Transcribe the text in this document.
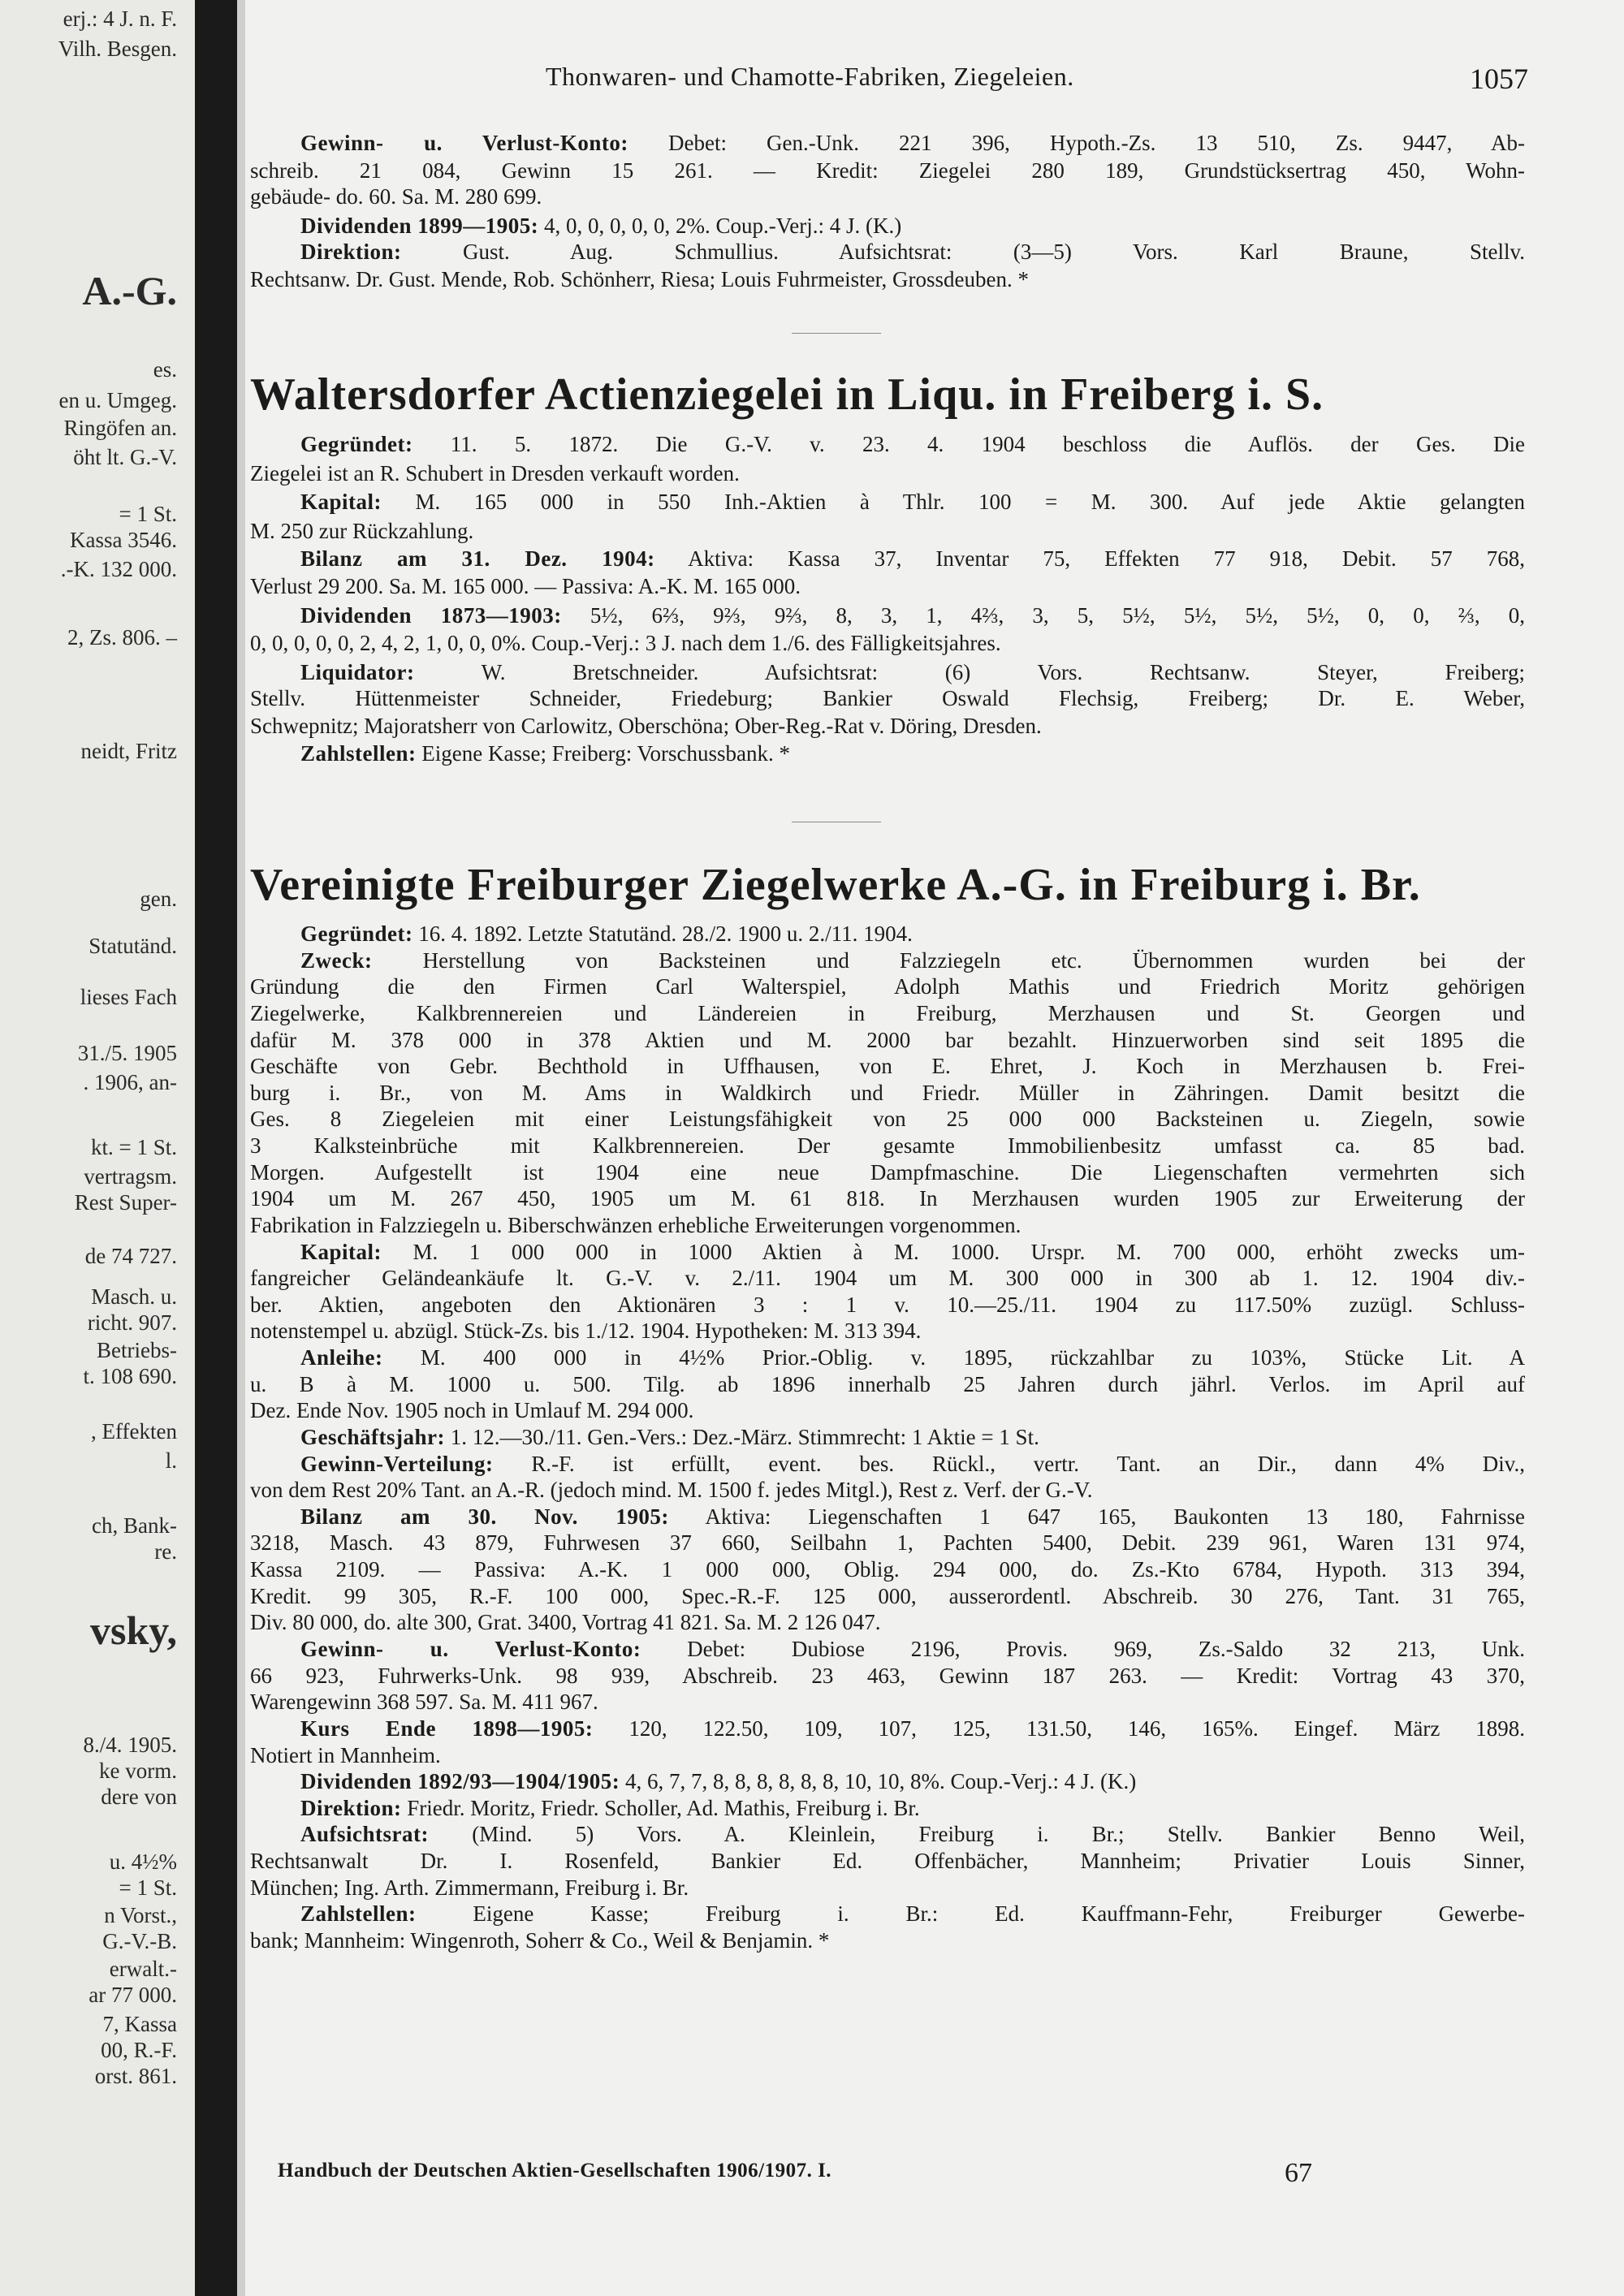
erj.: 4 J. n. F.
Vilh. Besgen.
A.-G.
es.
en u. Umgeg.
Ringöfen an.
öht lt. G.-V.
= 1 St.
Kassa 3546.
.-K. 132 000.
2, Zs. 806. –
neidt, Fritz
gen.
Statutänd.
lieses Fach
31./5. 1905
. 1906, an-
kt. = 1 St.
vertragsm.
Rest Super-
de 74 727.
Masch. u.
richt. 907.
Betriebs-
t. 108 690.
, Effekten
l.
ch, Bank-
re.
vsky,
8./4. 1905.
ke vorm.
dere von
u. 4½%
= 1 St.
n Vorst.,
G.-V.-B.
erwalt.-
ar 77 000.
7, Kassa
00, R.-F.
orst. 861.
Thonwaren- und Chamotte-Fabriken, Ziegeleien.	1057
Gewinn- u. Verlust-Konto: Debet: Gen.-Unk. 221 396, Hypoth.-Zs. 13 510, Zs. 9447, Ab-
schreib. 21 084, Gewinn 15 261. — Kredit: Ziegelei 280 189, Grundstücksertrag 450, Wohn-
gebäude- do. 60. Sa. M. 280 699.
Dividenden 1899—1905: 4, 0, 0, 0, 0, 0, 2%. Coup.-Verj.: 4 J. (K.)
Direktion: Gust. Aug. Schmullius. Aufsichtsrat: (3—5) Vors. Karl Braune, Stellv.
Rechtsanw. Dr. Gust. Mende, Rob. Schönherr, Riesa; Louis Fuhrmeister, Grossdeuben. *
Waltersdorfer Actienziegelei in Liqu. in Freiberg i. S.
Gegründet: 11. 5. 1872. Die G.-V. v. 23. 4. 1904 beschloss die Auflös. der Ges. Die
Ziegelei ist an R. Schubert in Dresden verkauft worden.
Kapital: M. 165 000 in 550 Inh.-Aktien à Thlr. 100 = M. 300. Auf jede Aktie gelangten
M. 250 zur Rückzahlung.
Bilanz am 31. Dez. 1904: Aktiva: Kassa 37, Inventar 75, Effekten 77 918, Debit. 57 768,
Verlust 29 200. Sa. M. 165 000. — Passiva: A.-K. M. 165 000.
Dividenden 1873—1903: 5½, 6⅔, 9⅔, 9⅔, 8, 3, 1, 4⅔, 3, 5, 5½, 5½, 5½, 5½, 0, 0, ⅔, 0,
0, 0, 0, 0, 0, 2, 4, 2, 1, 0, 0, 0%. Coup.-Verj.: 3 J. nach dem 1./6. des Fälligkeitsjahres.
Liquidator: W. Bretschneider. Aufsichtsrat: (6) Vors. Rechtsanw. Steyer, Freiberg;
Stellv. Hüttenmeister Schneider, Friedeburg; Bankier Oswald Flechsig, Freiberg; Dr. E. Weber,
Schwepnitz; Majoratsherr von Carlowitz, Oberschöna; Ober-Reg.-Rat v. Döring, Dresden.
Zahlstellen: Eigene Kasse; Freiberg: Vorschussbank. *
Vereinigte Freiburger Ziegelwerke A.-G. in Freiburg i. Br.
Gegründet: 16. 4. 1892. Letzte Statutänd. 28./2. 1900 u. 2./11. 1904.
Zweck: Herstellung von Backsteinen und Falzziegeln etc. Übernommen wurden bei der
Gründung die den Firmen Carl Walterspiel, Adolph Mathis und Friedrich Moritz gehörigen
Ziegelwerke, Kalkbrennereien und Ländereien in Freiburg, Merzhausen und St. Georgen und
dafür M. 378 000 in 378 Aktien und M. 2000 bar bezahlt. Hinzuerworben sind seit 1895 die
Geschäfte von Gebr. Bechthold in Uffhausen, von E. Ehret, J. Koch in Merzhausen b. Frei-
burg i. Br., von M. Ams in Waldkirch und Friedr. Müller in Zähringen. Damit besitzt die
Ges. 8 Ziegeleien mit einer Leistungsfähigkeit von 25 000 000 Backsteinen u. Ziegeln, sowie
3 Kalksteinbrüche mit Kalkbrennereien. Der gesamte Immobilienbesitz umfasst ca. 85 bad.
Morgen. Aufgestellt ist 1904 eine neue Dampfmaschine. Die Liegenschaften vermehrten sich
1904 um M. 267 450, 1905 um M. 61 818. In Merzhausen wurden 1905 zur Erweiterung der
Fabrikation in Falzziegeln u. Biberschwänzen erhebliche Erweiterungen vorgenommen.
Kapital: M. 1 000 000 in 1000 Aktien à M. 1000. Urspr. M. 700 000, erhöht zwecks um-
fangreicher Geländeankäufe lt. G.-V. v. 2./11. 1904 um M. 300 000 in 300 ab 1. 12. 1904 div.-
ber. Aktien, angeboten den Aktionären 3 : 1 v. 10.—25./11. 1904 zu 117.50% zuzügl. Schluss-
notenstempel u. abzügl. Stück-Zs. bis 1./12. 1904. Hypotheken: M. 313 394.
Anleihe: M. 400 000 in 4½% Prior.-Oblig. v. 1895, rückzahlbar zu 103%, Stücke Lit. A
u. B à M. 1000 u. 500. Tilg. ab 1896 innerhalb 25 Jahren durch jährl. Verlos. im April auf
Dez. Ende Nov. 1905 noch in Umlauf M. 294 000.
Geschäftsjahr: 1. 12.—30./11. Gen.-Vers.: Dez.-März. Stimmrecht: 1 Aktie = 1 St.
Gewinn-Verteilung: R.-F. ist erfüllt, event. bes. Rückl., vertr. Tant. an Dir., dann 4% Div.,
von dem Rest 20% Tant. an A.-R. (jedoch mind. M. 1500 f. jedes Mitgl.), Rest z. Verf. der G.-V.
Bilanz am 30. Nov. 1905: Aktiva: Liegenschaften 1 647 165, Baukonten 13 180, Fahrnisse
3218, Masch. 43 879, Fuhrwesen 37 660, Seilbahn 1, Pachten 5400, Debit. 239 961, Waren 131 974,
Kassa 2109. — Passiva: A.-K. 1 000 000, Oblig. 294 000, do. Zs.-Kto 6784, Hypoth. 313 394,
Kredit. 99 305, R.-F. 100 000, Spec.-R.-F. 125 000, ausserordentl. Abschreib. 30 276, Tant. 31 765,
Div. 80 000, do. alte 300, Grat. 3400, Vortrag 41 821. Sa. M. 2 126 047.
Gewinn- u. Verlust-Konto: Debet: Dubiose 2196, Provis. 969, Zs.-Saldo 32 213, Unk.
66 923, Fuhrwerks-Unk. 98 939, Abschreib. 23 463, Gewinn 187 263. — Kredit: Vortrag 43 370,
Warengewinn 368 597. Sa. M. 411 967.
Kurs Ende 1898—1905: 120, 122.50, 109, 107, 125, 131.50, 146, 165%. Eingef. März 1898.
Notiert in Mannheim.
Dividenden 1892/93—1904/1905: 4, 6, 7, 7, 8, 8, 8, 8, 8, 8, 10, 10, 8%. Coup.-Verj.: 4 J. (K.)
Direktion: Friedr. Moritz, Friedr. Scholler, Ad. Mathis, Freiburg i. Br.
Aufsichtsrat: (Mind. 5) Vors. A. Kleinlein, Freiburg i. Br.; Stellv. Bankier Benno Weil,
Rechtsanwalt Dr. I. Rosenfeld, Bankier Ed. Offenbächer, Mannheim; Privatier Louis Sinner,
München; Ing. Arth. Zimmermann, Freiburg i. Br.
Zahlstellen: Eigene Kasse; Freiburg i. Br.: Ed. Kauffmann-Fehr, Freiburger Gewerbe-
bank; Mannheim: Wingenroth, Soherr & Co., Weil & Benjamin. *
Handbuch der Deutschen Aktien-Gesellschaften 1906/1907. I.	67
